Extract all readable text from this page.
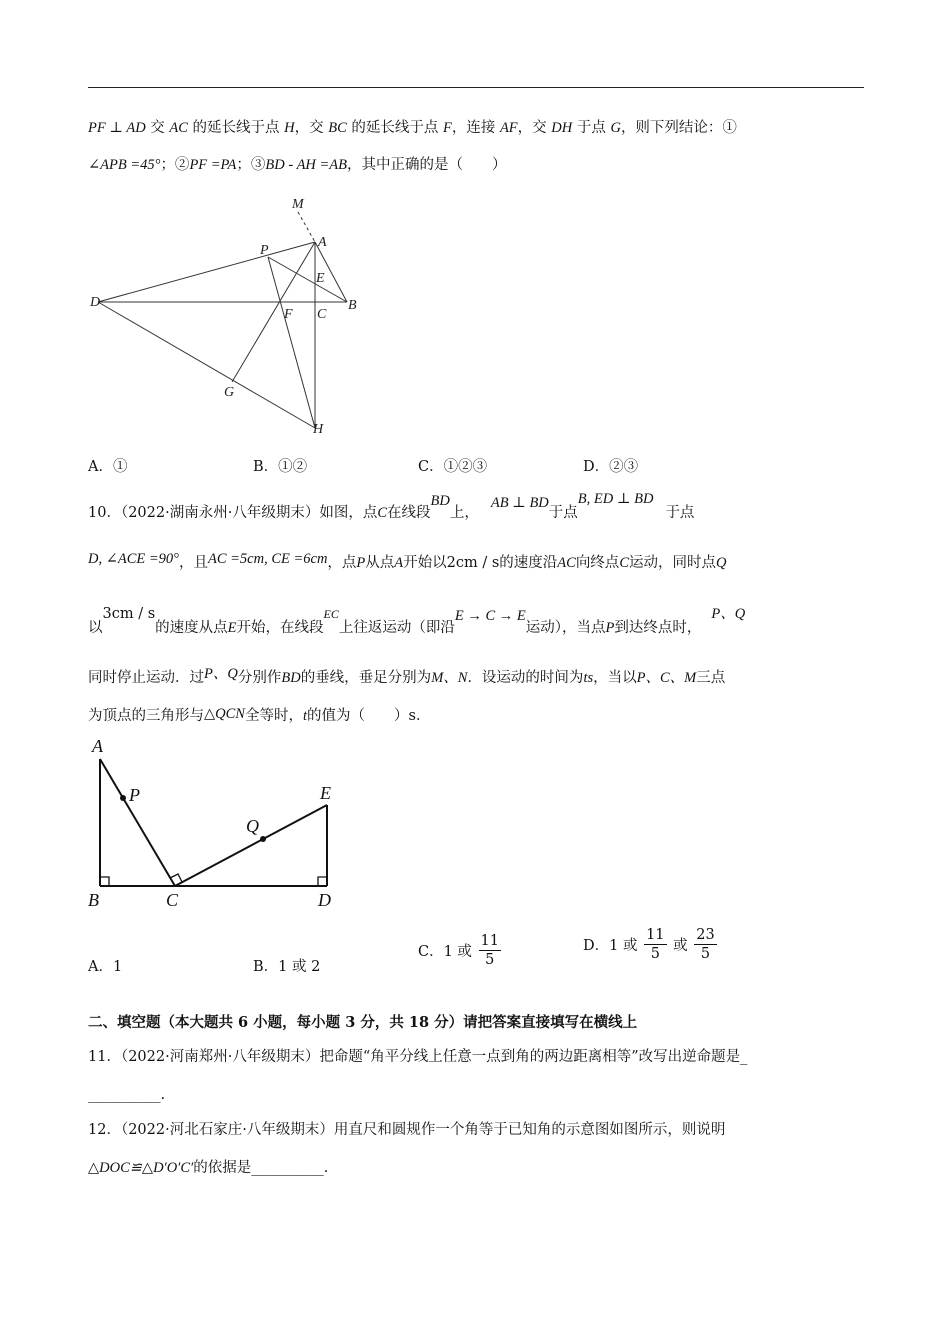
PF ⊥ AD 交 AC 的延长线于点 H，交 BC 的延长线于点 F，连接 AF，交 DH 于点 G，则下列结论：①
∠APB =45°；②PF =PA；③BD - AH =AB，其中正确的是（　　）
M
A
P
E
D
F C
B
G
H
A．①	B．①②	C．①②③	D．②③
10．（2022·湖南永州·八年级期末）如图，点C在线段BD上，AB ⊥ BD于点B, ED ⊥ BD于点
D, ∠ACE =90°，且AC =5cm, CE =6cm，点P从点A开始以2cm / s的速度沿AC向终点C运动，同时点Q
以3cm / s的速度从点E开始，在线段$^{EC}$上往返运动（即沿E → C → E运动），当点P到达终点时，P、Q
同时停止运动．过P、Q分别作BD的垂线，垂足分别为M、N．设运动的时间为ts，当以P、C、M三点
为顶点的三角形与△QCN全等时，t的值为（　　）s．
A
P	E
Q
B	C	D
A．1	B．1 或 2
C．1 或 $\frac{11}{5}$	D．1 或 $\frac{11}{5}$ 或 $\frac{23}{5}$
二、填空题（本大题共 6 小题，每小题 3 分，共 18 分）请把答案直接填写在横线上
11．（2022·河南郑州·八年级期末）把命题“角平分线上任意一点到角的两边距离相等”改写出逆命题是_
__________.
12．（2022·河北石家庄·八年级期末）用直尺和圆规作一个角等于已知角的示意图如图所示，则说明
△DOC≌△D′O′C′的依据是__________.
